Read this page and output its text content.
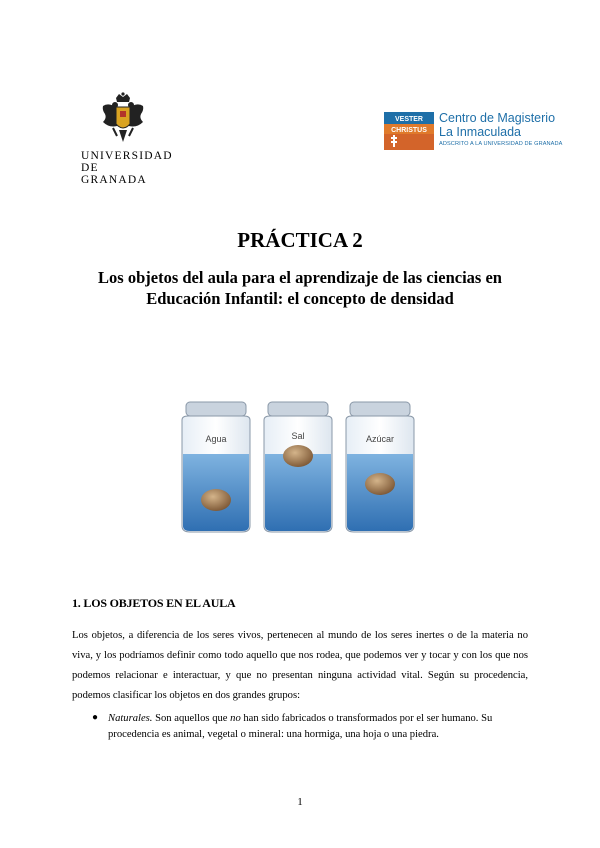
UNIVERSIDAD
DE GRANADA
VESTER
CHRISTUS
Centro de Magisterio
La Inmaculada
ADSCRITO A LA UNIVERSIDAD DE GRANADA
PRÁCTICA 2
Los objetos del aula para el aprendizaje de las ciencias en Educación Infantil: el concepto de densidad
Agua	Sal	Azúcar
1. LOS OBJETOS EN EL AULA
Los objetos, a diferencia de los seres vivos, pertenecen al mundo de los seres inertes o de la materia no viva, y los podríamos definir como todo aquello que nos rodea, que podemos ver y tocar y con los que nos podemos relacionar e interactuar, y que no presentan ninguna actividad vital. Según su procedencia, podemos clasificar los objetos en dos grandes grupos:
● Naturales. Son aquellos que no han sido fabricados o transformados por el ser humano. Su procedencia es animal, vegetal o mineral: una hormiga, una hoja o una piedra.
1
